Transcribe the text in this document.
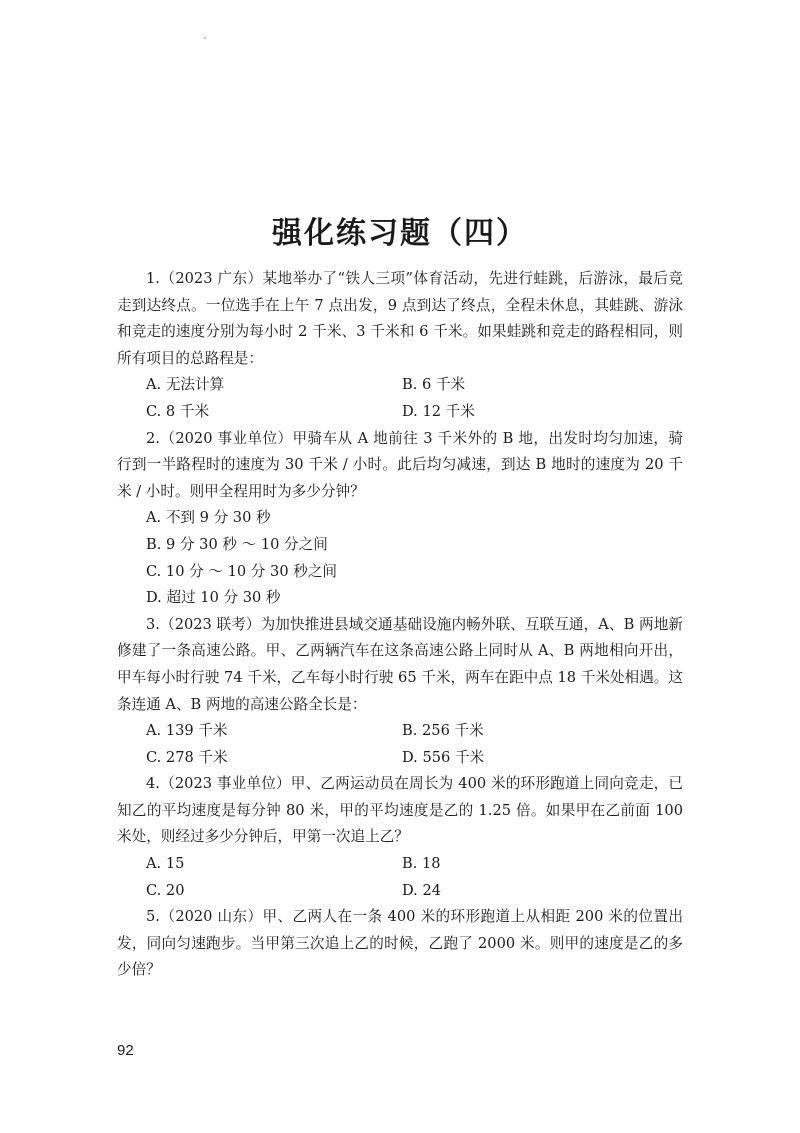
强化练习题（四）

1.（2023 广东）某地举办了“铁人三项”体育活动，先进行蛙跳，后游泳，最后竞走到达终点。一位选手在上午 7 点出发，9 点到达了终点，全程未休息，其蛙跳、游泳和竞走的速度分别为每小时 2 千米、3 千米和 6 千米。如果蛙跳和竞走的路程相同，则所有项目的总路程是：

A. 无法计算	B. 6 千米
C. 8 千米	D. 12 千米

2.（2020 事业单位）甲骑车从 A 地前往 3 千米外的 B 地，出发时均匀加速，骑行到一半路程时的速度为 30 千米 / 小时。此后均匀减速，到达 B 地时的速度为 20 千米 / 小时。则甲全程用时为多少分钟？

A. 不到 9 分 30 秒
B. 9 分 30 秒 ～ 10 分之间
C. 10 分 ～ 10 分 30 秒之间
D. 超过 10 分 30 秒

3.（2023 联考）为加快推进县域交通基础设施内畅外联、互联互通，A、B 两地新修建了一条高速公路。甲、乙两辆汽车在这条高速公路上同时从 A、B 两地相向开出，甲车每小时行驶 74 千米，乙车每小时行驶 65 千米，两车在距中点 18 千米处相遇。这条连通 A、B 两地的高速公路全长是：

A. 139 千米	B. 256 千米
C. 278 千米	D. 556 千米

4.（2023 事业单位）甲、乙两运动员在周长为 400 米的环形跑道上同向竞走，已知乙的平均速度是每分钟 80 米，甲的平均速度是乙的 1.25 倍。如果甲在乙前面 100 米处，则经过多少分钟后，甲第一次追上乙？

A. 15	B. 18
C. 20	D. 24

5.（2020 山东）甲、乙两人在一条 400 米的环形跑道上从相距 200 米的位置出发，同向匀速跑步。当甲第三次追上乙的时候，乙跑了 2000 米。则甲的速度是乙的多少倍？

92
